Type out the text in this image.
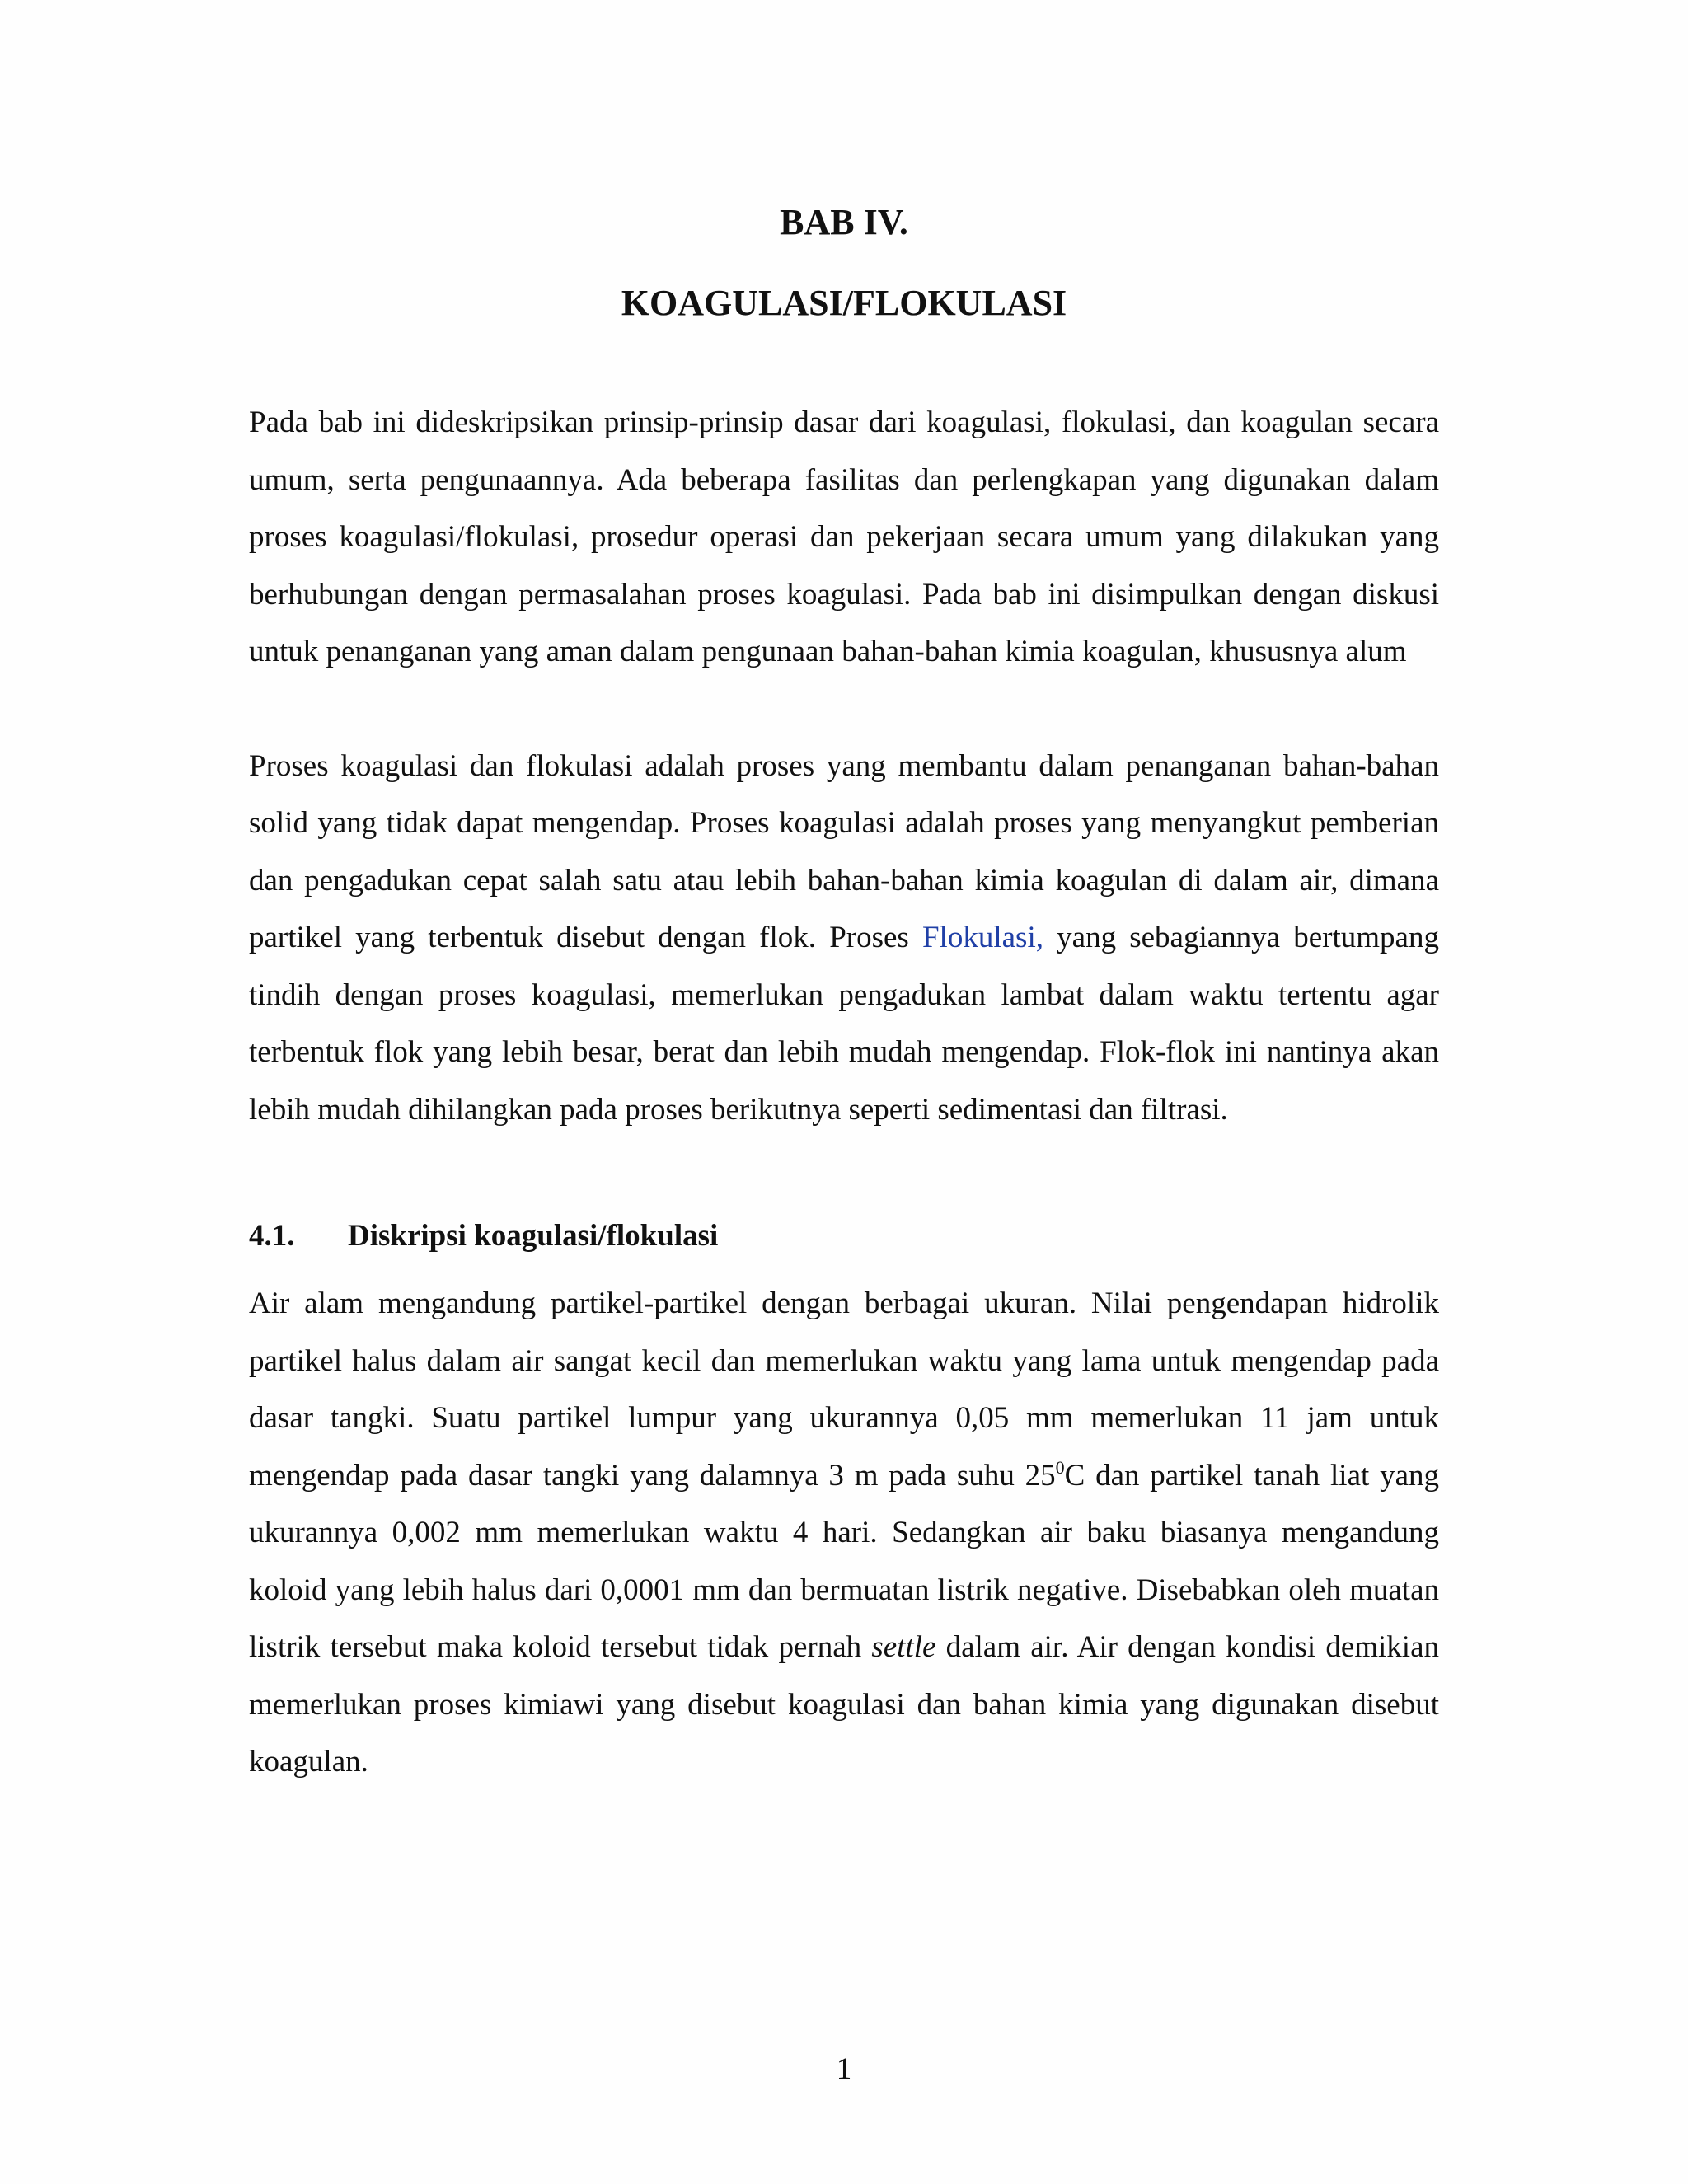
BAB IV.
KOAGULASI/FLOKULASI

Pada bab ini dideskripsikan prinsip-prinsip dasar dari koagulasi, flokulasi, dan koagulan secara umum, serta pengunaannya. Ada beberapa fasilitas dan perlengkapan yang digunakan dalam proses koagulasi/flokulasi, prosedur operasi dan pekerjaan secara umum yang dilakukan yang berhubungan dengan permasalahan proses koagulasi. Pada bab ini disimpulkan dengan diskusi untuk penanganan yang aman dalam pengunaan bahan-bahan kimia koagulan, khususnya alum

Proses koagulasi dan flokulasi adalah proses yang membantu dalam penanganan bahan-bahan solid yang tidak dapat mengendap. Proses koagulasi adalah proses yang menyangkut pemberian dan pengadukan cepat salah satu atau lebih bahan-bahan kimia koagulan di dalam air, dimana partikel yang terbentuk disebut dengan flok. Proses Flokulasi, yang sebagiannya bertumpang tindih dengan proses koagulasi, memerlukan pengadukan lambat dalam waktu tertentu agar terbentuk flok yang lebih besar, berat dan lebih mudah mengendap. Flok-flok ini nantinya akan lebih mudah dihilangkan pada proses berikutnya seperti sedimentasi dan filtrasi.

4.1.	Diskripsi koagulasi/flokulasi

Air alam mengandung partikel-partikel dengan berbagai ukuran. Nilai pengendapan hidrolik partikel halus dalam air sangat kecil dan memerlukan waktu yang lama untuk mengendap pada dasar tangki. Suatu partikel lumpur yang ukurannya 0,05 mm memerlukan 11 jam untuk mengendap pada dasar tangki yang dalamnya 3 m pada suhu $25^0C$ dan partikel tanah liat yang ukurannya 0,002 mm memerlukan waktu 4 hari. Sedangkan air baku biasanya mengandung koloid yang lebih halus dari 0,0001 mm dan bermuatan listrik negative. Disebabkan oleh muatan listrik tersebut maka koloid tersebut tidak pernah settle dalam air. Air dengan kondisi demikian memerlukan proses kimiawi yang disebut koagulasi dan bahan kimia yang digunakan disebut koagulan.

1
